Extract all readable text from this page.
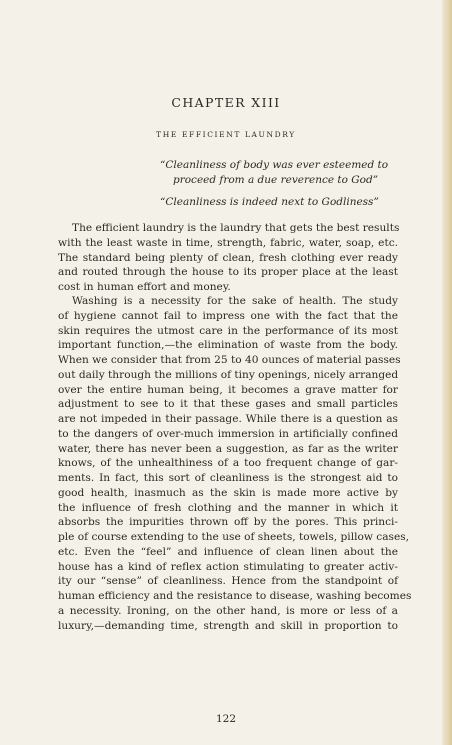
CHAPTER XIII
THE EFFICIENT LAUNDRY
“Cleanliness of body was ever esteemed to
proceed from a due reverence to God”
“Cleanliness is indeed next to Godliness”
The efficient laundry is the laundry that gets the best results
with the least waste in time, strength, fabric, water, soap, etc.
The standard being plenty of clean, fresh clothing ever ready
and routed through the house to its proper place at the least
cost in human effort and money.
Washing is a necessity for the sake of health. The study
of hygiene cannot fail to impress one with the fact that the
skin requires the utmost care in the performance of its most
important function,—the elimination of waste from the body.
When we consider that from 25 to 40 ounces of material passes
out daily through the millions of tiny openings, nicely arranged
over the entire human being, it becomes a grave matter for
adjustment to see to it that these gases and small particles
are not impeded in their passage. While there is a question as
to the dangers of over-much immersion in artificially confined
water, there has never been a suggestion, as far as the writer
knows, of the unhealthiness of a too frequent change of gar-
ments. In fact, this sort of cleanliness is the strongest aid to
good health, inasmuch as the skin is made more active by
the influence of fresh clothing and the manner in which it
absorbs the impurities thrown off by the pores. This princi-
ple of course extending to the use of sheets, towels, pillow cases,
etc. Even the “feel” and influence of clean linen about the
house has a kind of reflex action stimulating to greater activ-
ity our “sense” of cleanliness. Hence from the standpoint of
human efficiency and the resistance to disease, washing becomes
a necessity. Ironing, on the other hand, is more or less of a
luxury,—demanding time, strength and skill in proportion to
122
